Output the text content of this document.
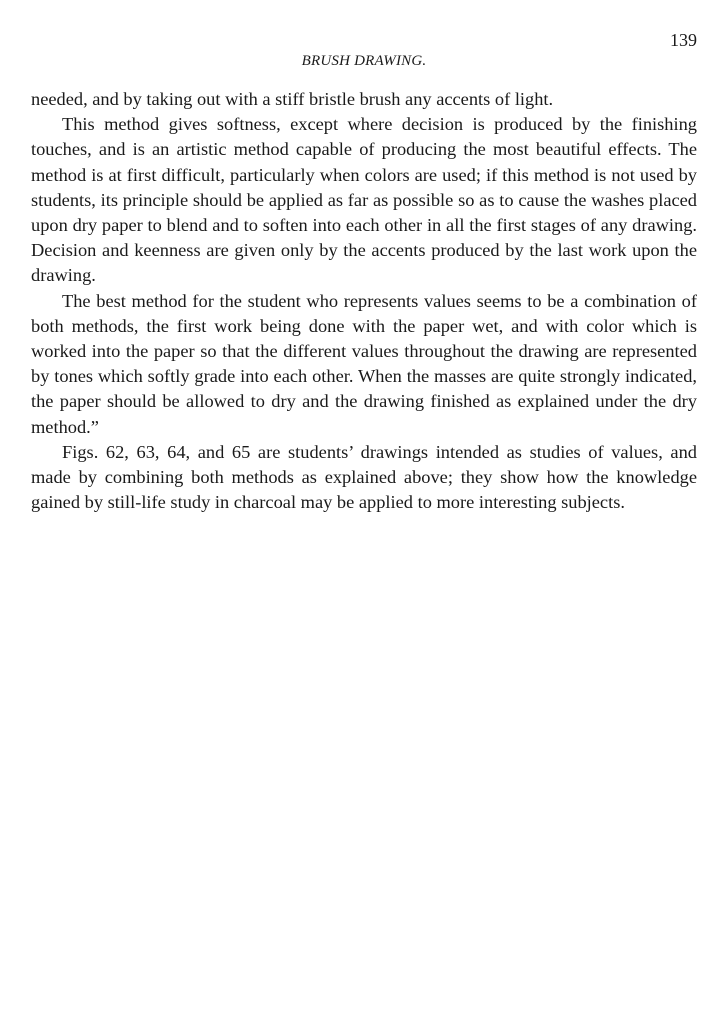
139
BRUSH DRAWING.

needed, and by taking out with a stiff bristle brush any accents of light.

This method gives softness, except where decision is produced by the finishing touches, and is an artistic method capable of producing the most beautiful effects. The method is at first difficult, particularly when colors are used; if this method is not used by students, its principle should be applied as far as possible so as to cause the washes placed upon dry paper to blend and to soften into each other in all the first stages of any drawing. Decision and keenness are given only by the accents produced by the last work upon the drawing.

The best method for the student who represents values seems to be a combination of both methods, the first work being done with the paper wet, and with color which is worked into the paper so that the different values throughout the drawing are represented by tones which softly grade into each other. When the masses are quite strongly indicated, the paper should be allowed to dry and the drawing finished as explained under the dry method.”

Figs. 62, 63, 64, and 65 are students’ drawings intended as studies of values, and made by combining both methods as explained above; they show how the knowledge gained by still-life study in charcoal may be applied to more interesting subjects.
